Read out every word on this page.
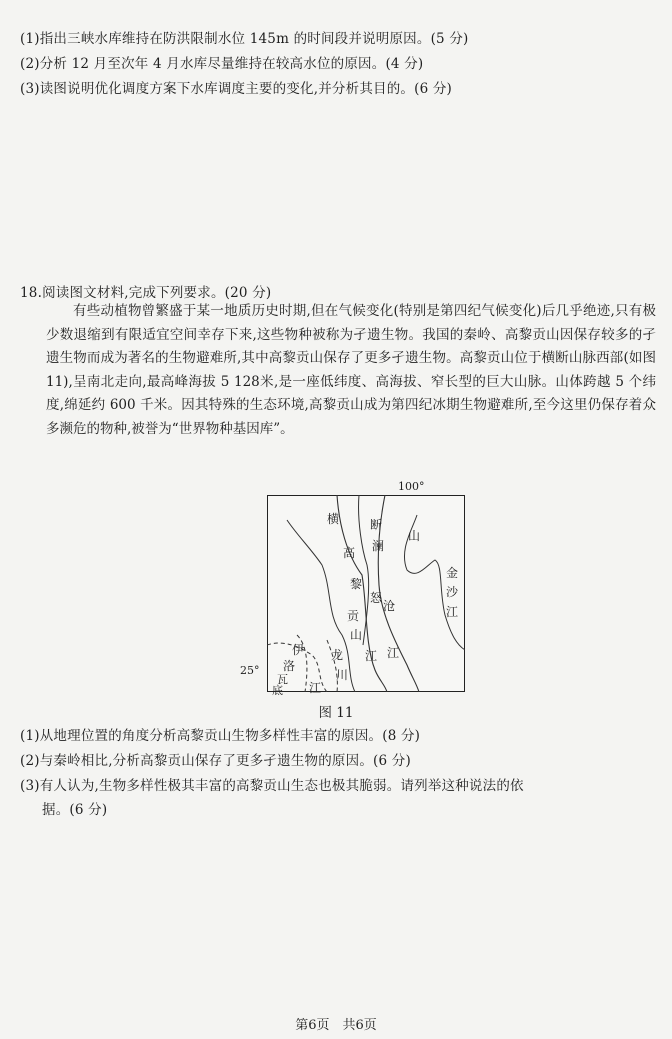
(1)指出三峡水库维持在防洪限制水位 145m 的时间段并说明原因。(5 分)
(2)分析 12 月至次年 4 月水库尽量维持在较高水位的原因。(4 分)
(3)读图说明优化调度方案下水库调度主要的变化,并分析其目的。(6 分)
18.阅读图文材料,完成下列要求。(20 分)
有些动植物曾繁盛于某一地质历史时期,但在气候变化(特别是第四纪气候变化)后几乎绝迹,只有极少数退缩到有限适宜空间幸存下来,这些物种被称为孑遗生物。我国的秦岭、高黎贡山因保存较多的孑遗生物而成为著名的生物避难所,其中高黎贡山保存了更多孑遗生物。高黎贡山位于横断山脉西部(如图 11),呈南北走向,最高峰海拔 5 128米,是一座低纬度、高海拔、窄长型的巨大山脉。山体跨越 5 个纬度,绵延约 600 千米。因其特殊的生态环境,高黎贡山成为第四纪冰期生物避难所,至今这里仍保存着众多濒危的物种,被誉为“世界物种基因库”。
100°
25°
横	断
澜
高
山
黎
怒
金
沙
江
沧
贡
山
江 江
伊
洛
瓦
底
龙
川
江
图 11
(1)从地理位置的角度分析高黎贡山生物多样性丰富的原因。(8 分)
(2)与秦岭相比,分析高黎贡山保存了更多孑遗生物的原因。(6 分)
(3)有人认为,生物多样性极其丰富的高黎贡山生态也极其脆弱。请列举这种说法的依
据。(6 分)
第6页　共6页
